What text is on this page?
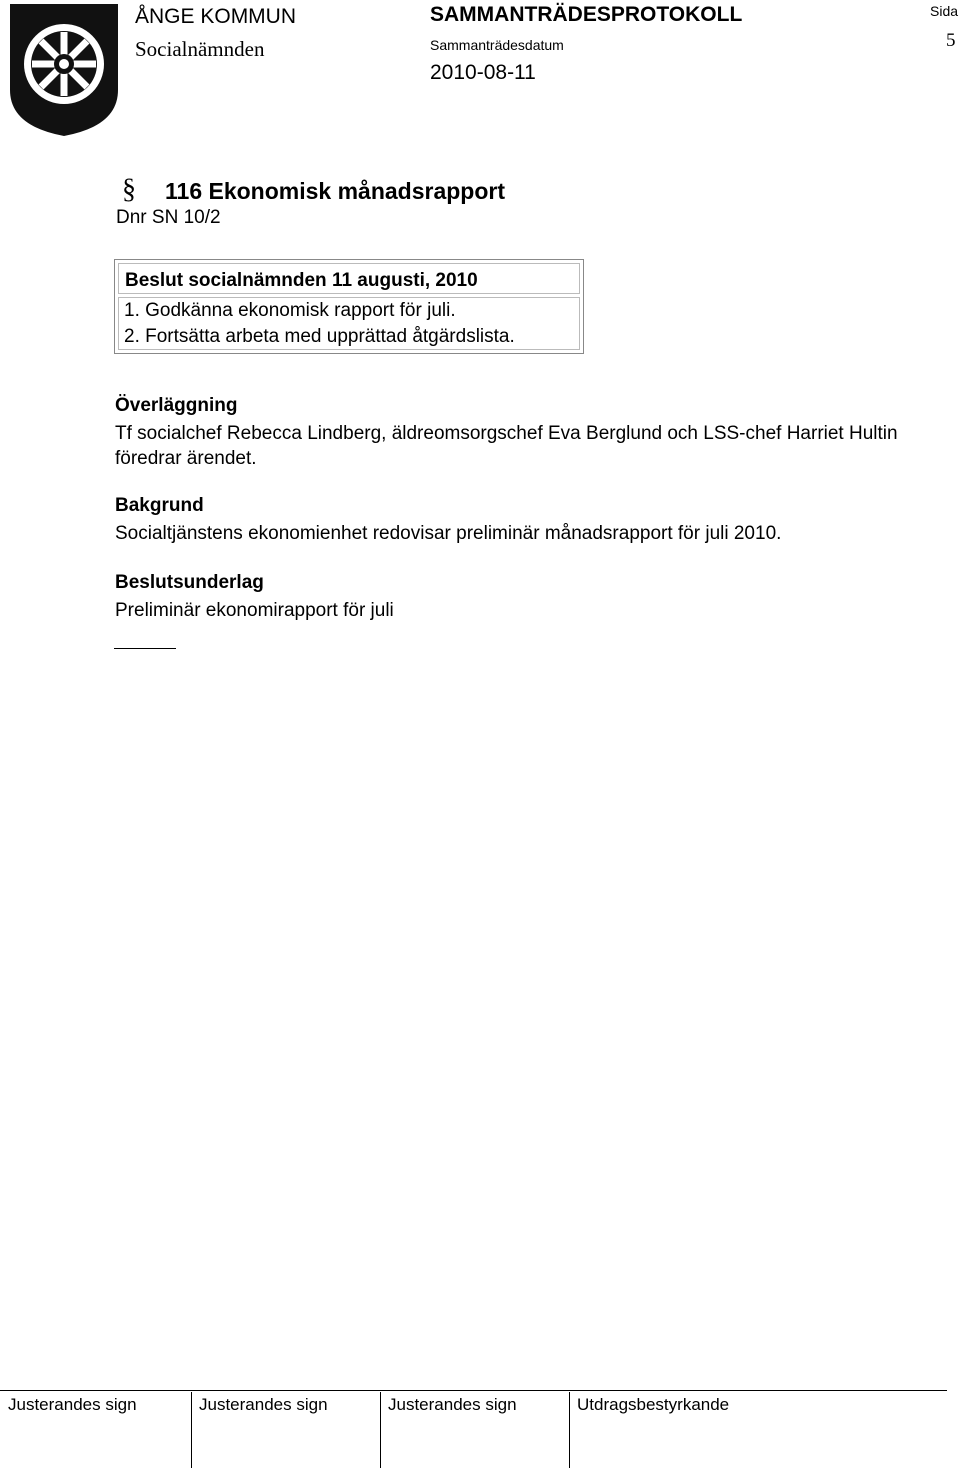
ÅNGE KOMMUN
Socialnämnden
SAMMANTRÄDESPROTOKOLL
Sammanträdesdatum
2010-08-11
Sida
5
§ 116 Ekonomisk månadsrapport
Dnr SN 10/2
Beslut socialnämnden 11 augusti, 2010
1. Godkänna ekonomisk rapport för juli.
2. Fortsätta arbeta med upprättad åtgärdslista.
Överläggning
Tf socialchef Rebecca Lindberg, äldreomsorgschef Eva Berglund och LSS-chef Harriet Hultin föredrar ärendet.
Bakgrund
Socialtjänstens ekonomienhet redovisar preliminär månadsrapport för juli 2010.
Beslutsunderlag
Preliminär ekonomirapport för juli
Justerandes sign	Justerandes sign	Justerandes sign	Utdragsbestyrkande
